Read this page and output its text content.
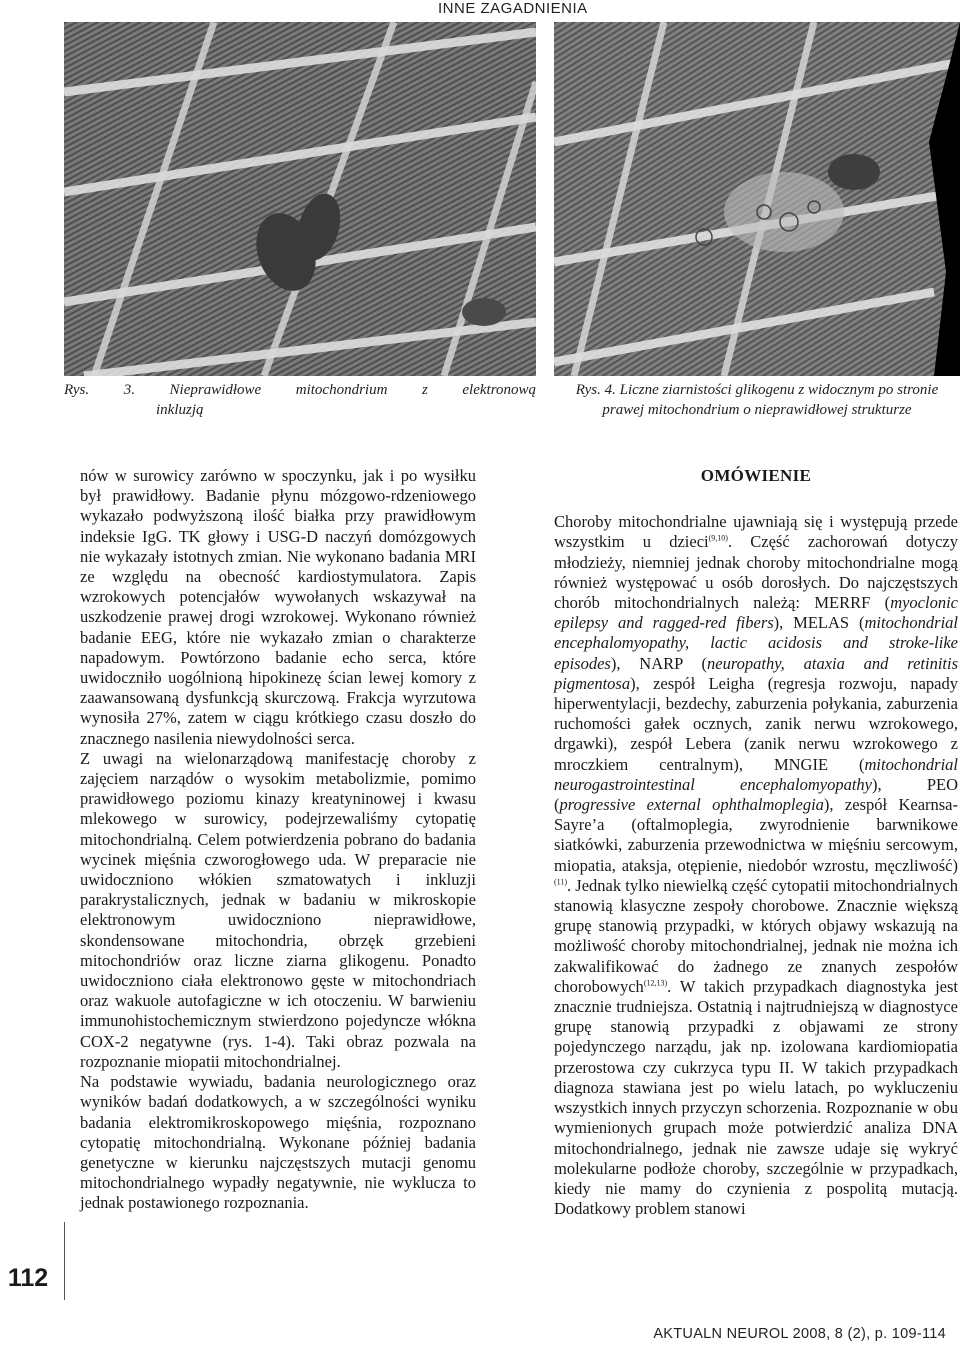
INNE ZAGADNIENIA
Rys. 3. Nieprawidłowe mitochondrium z elektronową
inkluzją
Rys. 4. Liczne ziarnistości glikogenu z widocznym po stronie
prawej mitochondrium o nieprawidłowej strukturze

nów w surowicy zarówno w spoczynku, jak i po wysiłku był prawidłowy. Badanie płynu mózgowo-rdzeniowego wykazało podwyższoną ilość białka przy prawidłowym indeksie IgG. TK głowy i USG-D naczyń domózgowych nie wykazały istotnych zmian. Nie wykonano badania MRI ze względu na obecność kardiostymulatora. Zapis wzrokowych potencjałów wywołanych wskazywał na uszkodzenie prawej drogi wzrokowej. Wykonano również badanie EEG, które nie wykazało zmian o charakterze napadowym. Powtórzono badanie echo serca, które uwidoczniło uogólnioną hipokinezę ścian lewej komory z zaawansowaną dysfunkcją skurczową. Frakcja wyrzutowa wynosiła 27%, zatem w ciągu krótkiego czasu doszło do znacznego nasilenia niewydolności serca.

Z uwagi na wielonarządową manifestację choroby z zajęciem narządów o wysokim metabolizmie, pomimo prawidłowego poziomu kinazy kreatyninowej i kwasu mlekowego w surowicy, podejrzewaliśmy cytopatię mitochondrialną. Celem potwierdzenia pobrano do badania wycinek mięśnia czworogłowego uda. W preparacie nie uwidoczniono włókien szmatowatych i inkluzji parakrystalicznych, jednak w badaniu w mikroskopie elektronowym uwidoczniono nieprawidłowe, skondensowane mitochondria, obrzęk grzebieni mitochondriów oraz liczne ziarna glikogenu. Ponadto uwidoczniono ciała elektronowo gęste w mitochondriach oraz wakuole autofagiczne w ich otoczeniu. W barwieniu immunohistochemicznym stwierdzono pojedyncze włókna COX-2 negatywne (rys. 1-4). Taki obraz pozwala na rozpoznanie miopatii mitochondrialnej.

Na podstawie wywiadu, badania neurologicznego oraz wyników badań dodatkowych, a w szczególności wyniku badania elektromikroskopowego mięśnia, rozpoznano cytopatię mitochondrialną. Wykonane później badania genetyczne w kierunku najczęstszych mutacji genomu mitochondrialnego wypadły negatywnie, nie wyklucza to jednak postawionego rozpoznania.

OMÓWIENIE

Choroby mitochondrialne ujawniają się i występują przede wszystkim u dzieci$^{(9,10)}$. Część zachorowań dotyczy młodzieży, niemniej jednak choroby mitochondrialne mogą również występować u osób dorosłych. Do najczęstszych chorób mitochondrialnych należą: MERRF (myoclonic epilepsy and ragged-red fibers), MELAS (mitochondrial encephalomyopathy, lactic acidosis and stroke-like episodes), NARP (neuropathy, ataxia and retinitis pigmentosa), zespół Leigha (regresja rozwoju, napady hiperwentylacji, bezdechy, zaburzenia połykania, zaburzenia ruchomości gałek ocznych, zanik nerwu wzrokowego, drgawki), zespół Lebera (zanik nerwu wzrokowego z mroczkiem centralnym), MNGIE (mitochondrial neurogastrointestinal encephalomyopathy), PEO (progressive external ophthalmoplegia), zespół Kearnsa-Sayre’a (oftalmoplegia, zwyrodnienie barwnikowe siatkówki, zaburzenia przewodnictwa w mięśniu sercowym, miopatia, ataksja, otępienie, niedobór wzrostu, męczliwość)$^{(11)}$. Jednak tylko niewielką część cytopatii mitochondrialnych stanowią klasyczne zespoły chorobowe. Znacznie większą grupę stanowią przypadki, w których objawy wskazują na możliwość choroby mitochondrialnej, jednak nie można ich zakwalifikować do żadnego ze znanych zespołów chorobowych$^{(12,13)}$. W takich przypadkach diagnostyka jest znacznie trudniejsza. Ostatnią i najtrudniejszą w diagnostyce grupę stanowią przypadki z objawami ze strony pojedynczego narządu, jak np. izolowana kardiomiopatia przerostowa czy cukrzyca typu II. W takich przypadkach diagnoza stawiana jest po wielu latach, po wykluczeniu wszystkich innych przyczyn schorzenia. Rozpoznanie w obu wymienionych grupach może potwierdzić analiza DNA mitochondrialnego, jednak nie zawsze udaje się wykryć molekularne podłoże choroby, szczególnie w przypadkach, kiedy nie mamy do czynienia z pospolitą mutacją. Dodatkowy problem stanowi

112
AKTUALN NEUROL 2008, 8 (2), p. 109-114
